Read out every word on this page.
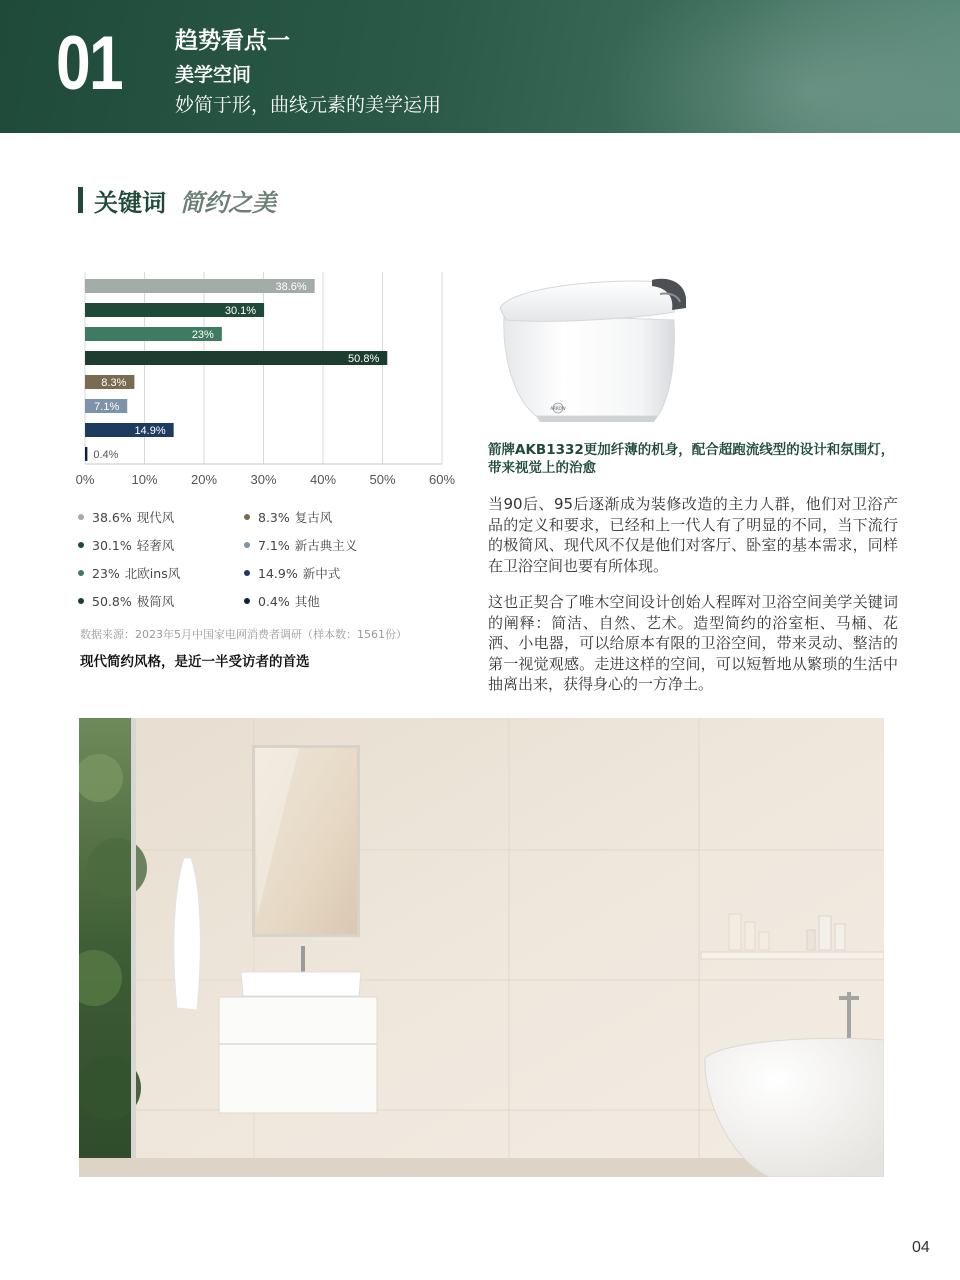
01 趋势看点一
美学空间
妙简于形，曲线元素的美学运用
关键词 简约之美
0%	10%	20%	30%	40%	50%	60%
38.6%
30.1%
23%
50.8%
8.3%
7.1%
14.9%
0.4%
38.6% 现代风
30.1% 轻奢风
23% 北欧ins风
50.8% 极简风
8.3% 复古风
7.1% 新古典主义
14.9% 新中式
0.4% 其他
数据来源：2023年5月中国家电网消费者调研（样本数：1561份）
现代简约风格，是近一半受访者的首选
ARROW
箭牌AKB1332更加纤薄的机身，配合超跑流线型的设计和氛围灯，带来视觉上的治愈

当90后、95后逐渐成为装修改造的主力人群，他们对卫浴产品的定义和要求，已经和上一代人有了明显的不同，当下流行的极简风、现代风不仅是他们对客厅、卧室的基本需求，同样在卫浴空间也要有所体现。

这也正契合了唯木空间设计创始人程晖对卫浴空间美学关键词的阐释：简洁、自然、艺术。造型简约的浴室柜、马桶、花洒、小电器，可以给原本有限的卫浴空间，带来灵动、整洁的第一视觉观感。走进这样的空间，可以短暂地从繁琐的生活中抽离出来，获得身心的一方净土。

04
